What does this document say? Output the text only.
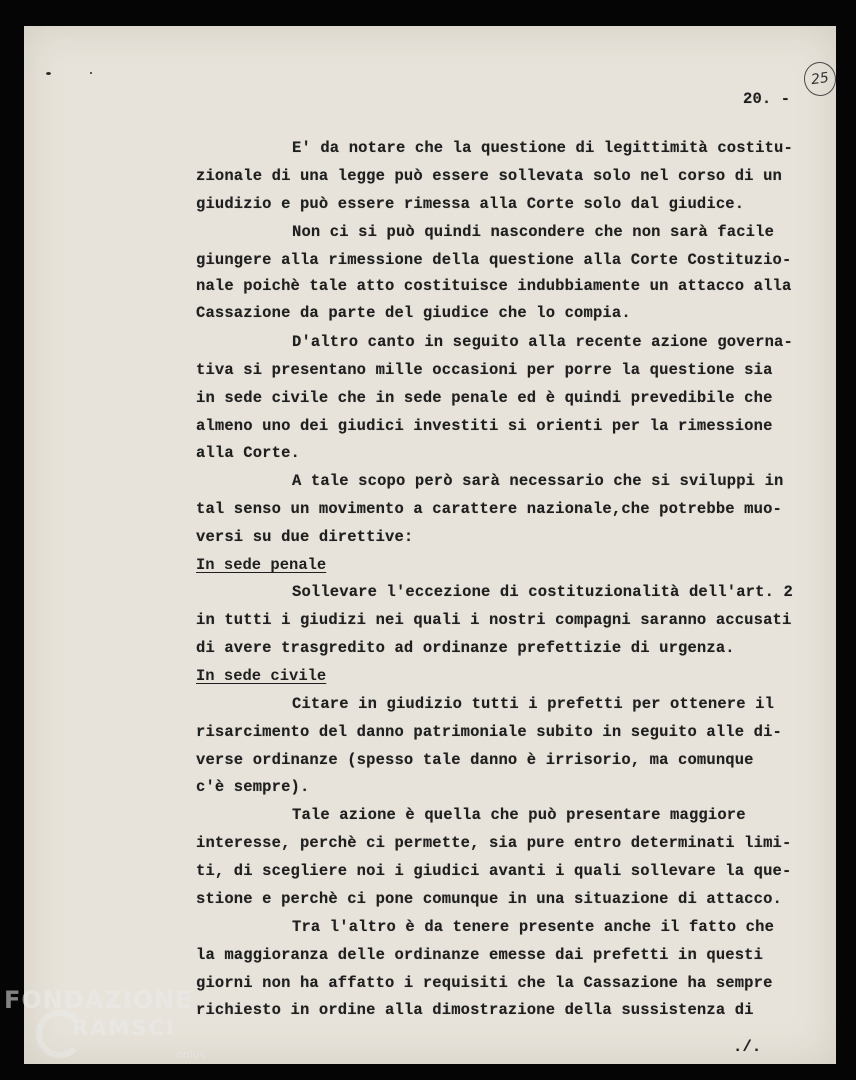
25
20. -
E' da notare che la questione di legittimità costitu-
zionale di una legge può essere sollevata solo nel corso di un
giudizio e può essere rimessa alla Corte solo dal giudice.
Non ci si può quindi nascondere che non sarà facile
giungere alla rimessione della questione alla Corte Costituzio-
nale poichè tale atto costituisce indubbiamente un attacco alla
Cassazione da parte del giudice che lo compia.
D'altro canto in seguito alla recente azione governa-
tiva si presentano mille occasioni per porre la questione sia
in sede civile che in sede penale ed è quindi prevedibile che
almeno uno dei giudici investiti si orienti per la rimessione
alla Corte.
A tale scopo però sarà necessario che si sviluppi in
tal senso un movimento a carattere nazionale,che potrebbe muo-
versi su due direttive:
In sede penale
Sollevare l'eccezione di costituzionalità dell'art. 2
in tutti i giudizi nei quali i nostri compagni saranno accusati
di avere trasgredito ad ordinanze prefettizie di urgenza.
In sede civile
Citare in giudizio tutti i prefetti per ottenere il
risarcimento del danno patrimoniale subito in seguito alle di-
verse ordinanze (spesso tale danno è irrisorio, ma comunque
c'è sempre).
Tale azione è quella che può presentare maggiore
interesse, perchè ci permette, sia pure entro determinati limi-
ti, di scegliere noi i giudici avanti i quali sollevare la que-
stione e perchè ci pone comunque in una situazione di attacco.
Tra l'altro è da tenere presente anche il fatto che
la maggioranza delle ordinanze emesse dai prefetti in questi
giorni non ha affatto i requisiti che la Cassazione ha sempre
richiesto in ordine alla dimostrazione della sussistenza di
./.
FONDAZIONE
RAMSCI
onlus
